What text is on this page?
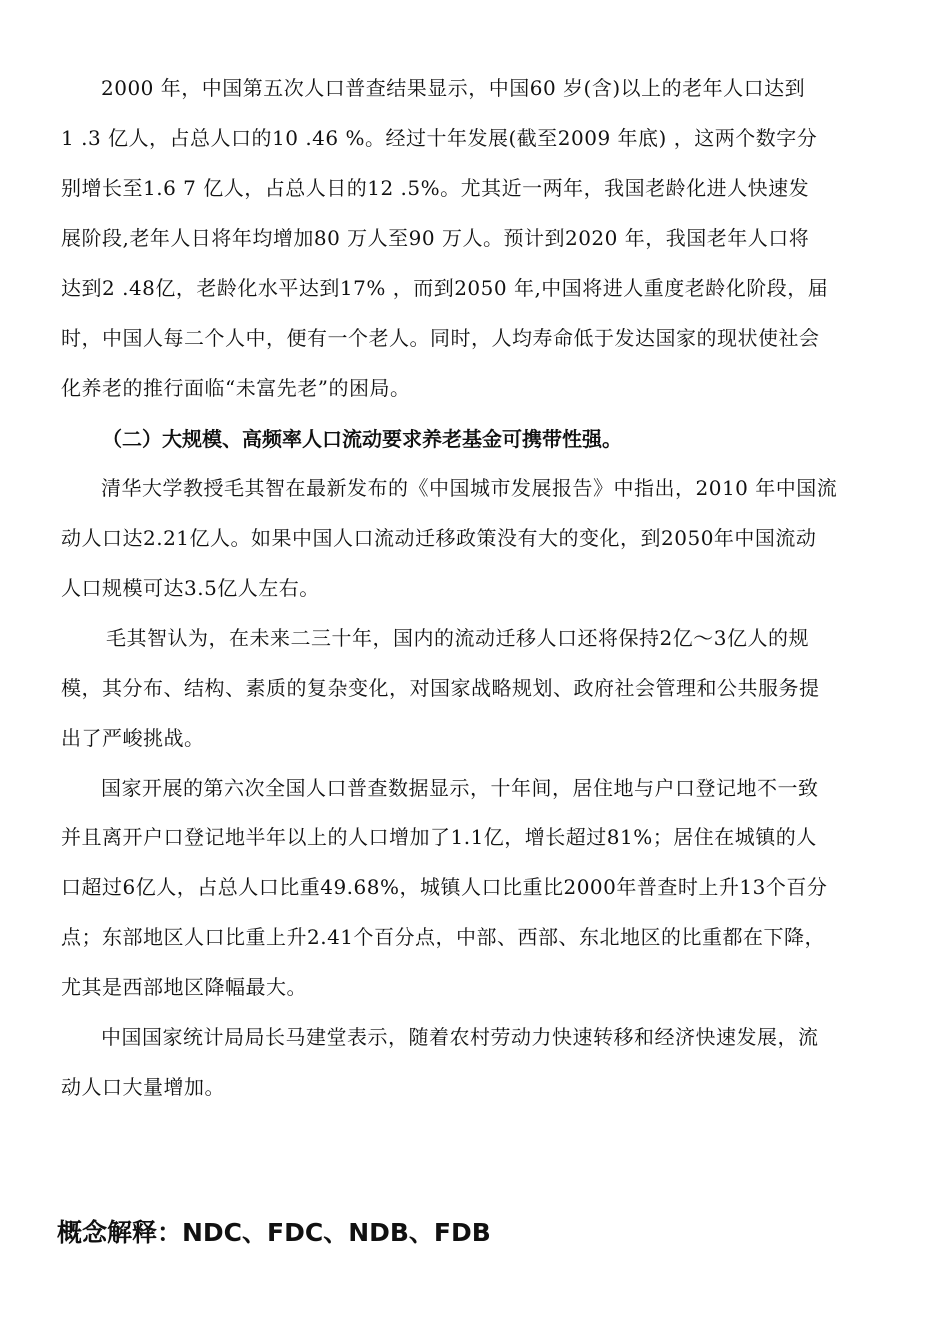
2000 年，中国第五次人口普查结果显示，中国60 岁(含)以上的老年人口达到
1 .3 亿人，占总人口的10 .46 %。经过十年发展(截至2009 年底) ，这两个数字分
别增长至1.6 7 亿人，占总人日的12 .5%。尤其近一两年，我国老龄化进人快速发
展阶段,老年人日将年均增加80 万人至90 万人。预计到2020 年，我国老年人口将
达到2 .48亿，老龄化水平达到17% ，而到2050 年,中国将进人重度老龄化阶段，届
时，中国人每二个人中，便有一个老人。同时，人均寿命低于发达国家的现状使社会
化养老的推行面临“未富先老”的困局。
（二）大规模、高频率人口流动要求养老基金可携带性强。
清华大学教授毛其智在最新发布的《中国城市发展报告》中指出，2010 年中国流
动人口达2.21亿人。如果中国人口流动迁移政策没有大的变化，到2050年中国流动
人口规模可达3.5亿人左右。
毛其智认为，在未来二三十年，国内的流动迁移人口还将保持2亿～3亿人的规
模，其分布、结构、素质的复杂变化，对国家战略规划、政府社会管理和公共服务提
出了严峻挑战。
国家开展的第六次全国人口普查数据显示，十年间，居住地与户口登记地不一致
并且离开户口登记地半年以上的人口增加了1.1亿，增长超过81%；居住在城镇的人
口超过6亿人，占总人口比重49.68%，城镇人口比重比2000年普查时上升13个百分
点；东部地区人口比重上升2.41个百分点，中部、西部、东北地区的比重都在下降，
尤其是西部地区降幅最大。
中国国家统计局局长马建堂表示，随着农村劳动力快速转移和经济快速发展，流
动人口大量增加。
概念解释：NDC、FDC、NDB、FDB
